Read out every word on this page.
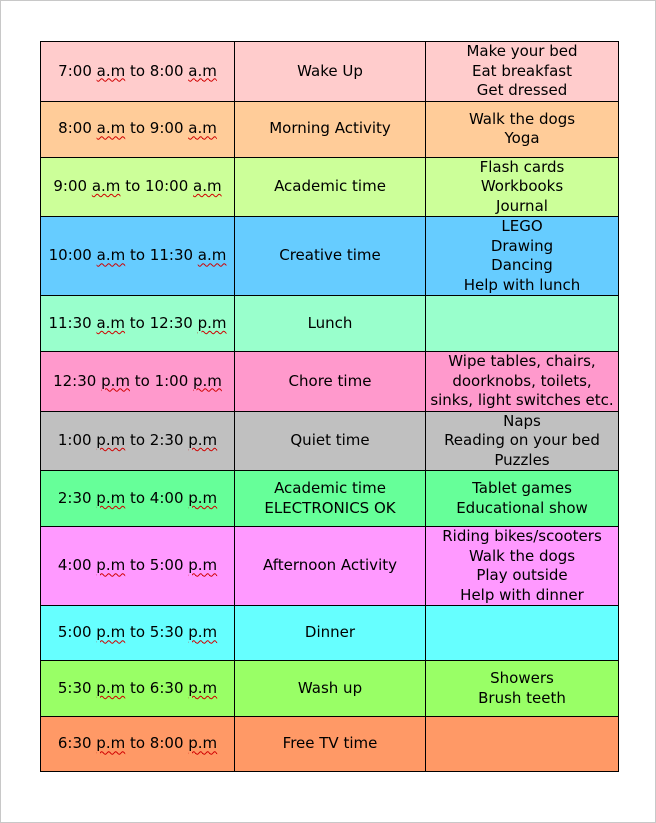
7:00 a.m to 8:00 a.m	Wake Up	Make your bed
Eat breakfast
Get dressed

8:00 a.m to 9:00 a.m	Morning Activity	Walk the dogs
Yoga

9:00 a.m to 10:00 a.m	Academic time	Flash cards
Workbooks
Journal

10:00 a.m to 11:30 a.m	Creative time	LEGO
Drawing
Dancing
Help with lunch

11:30 a.m to 12:30 p.m	Lunch	

12:30 p.m to 1:00 p.m	Chore time	Wipe tables, chairs,
doorknobs, toilets,
sinks, light switches etc.

1:00 p.m to 2:30 p.m	Quiet time	Naps
Reading on your bed
Puzzles

2:30 p.m to 4:00 p.m	Academic time
ELECTRONICS OK	Tablet games
Educational show

4:00 p.m to 5:00 p.m	Afternoon Activity	Riding bikes/scooters
Walk the dogs
Play outside
Help with dinner

5:00 p.m to 5:30 p.m	Dinner	

5:30 p.m to 6:30 p.m	Wash up	Showers
Brush teeth

6:30 p.m to 8:00 p.m	Free TV time	
